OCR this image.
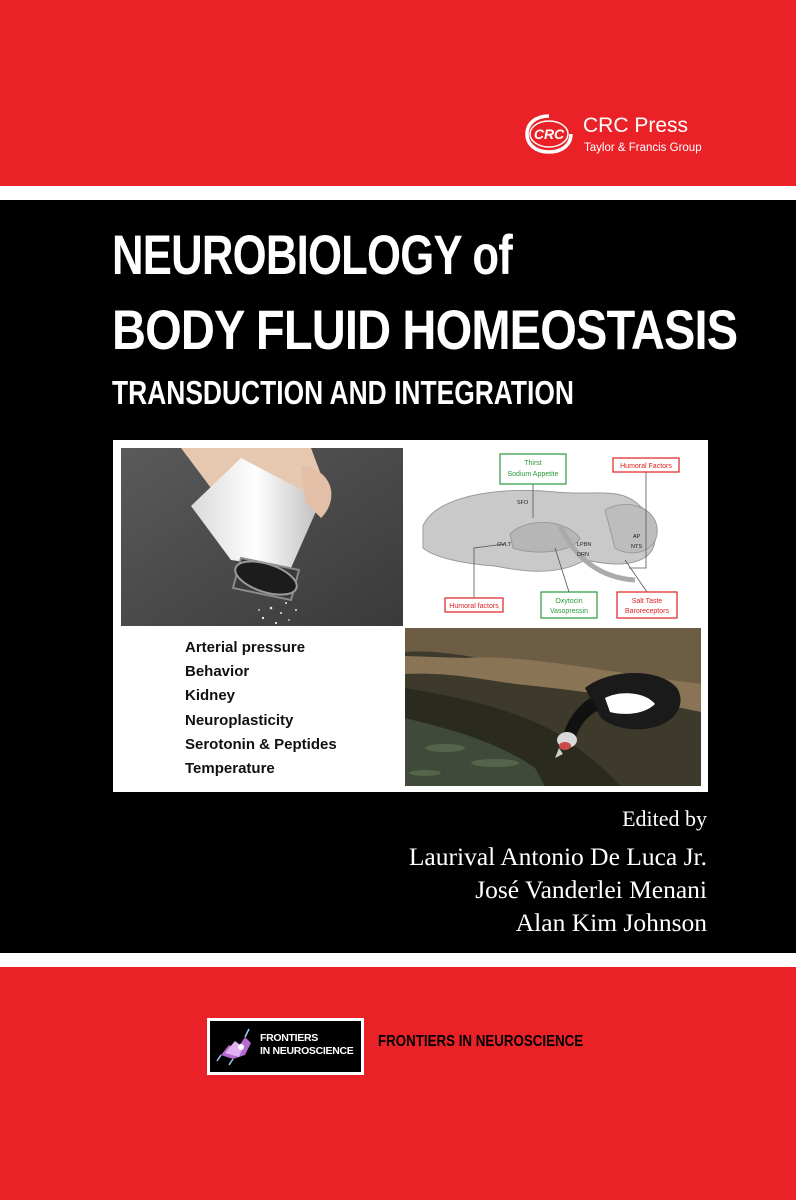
CRC CRC Press
Taylor & Francis Group
NEUROBIOLOGY of
BODY FLUID HOMEOSTASIS
TRANSDUCTION AND INTEGRATION
Thirst
Sodium Appetite
Humoral Factors
Humoral factors
Oxytocin
Vasopressin
Salt Taste
Baroreceptors
SFO
OVLT	LPBN
DRN
AP
NTS
Arterial pressure
Behavior
Kidney
Neuroplasticity
Serotonin & Peptides
Temperature
Edited by
Laurival Antonio De Luca Jr.
José Vanderlei Menani
Alan Kim Johnson
FRONTIERS
IN NEUROSCIENCE
FRONTIERS IN NEUROSCIENCE
